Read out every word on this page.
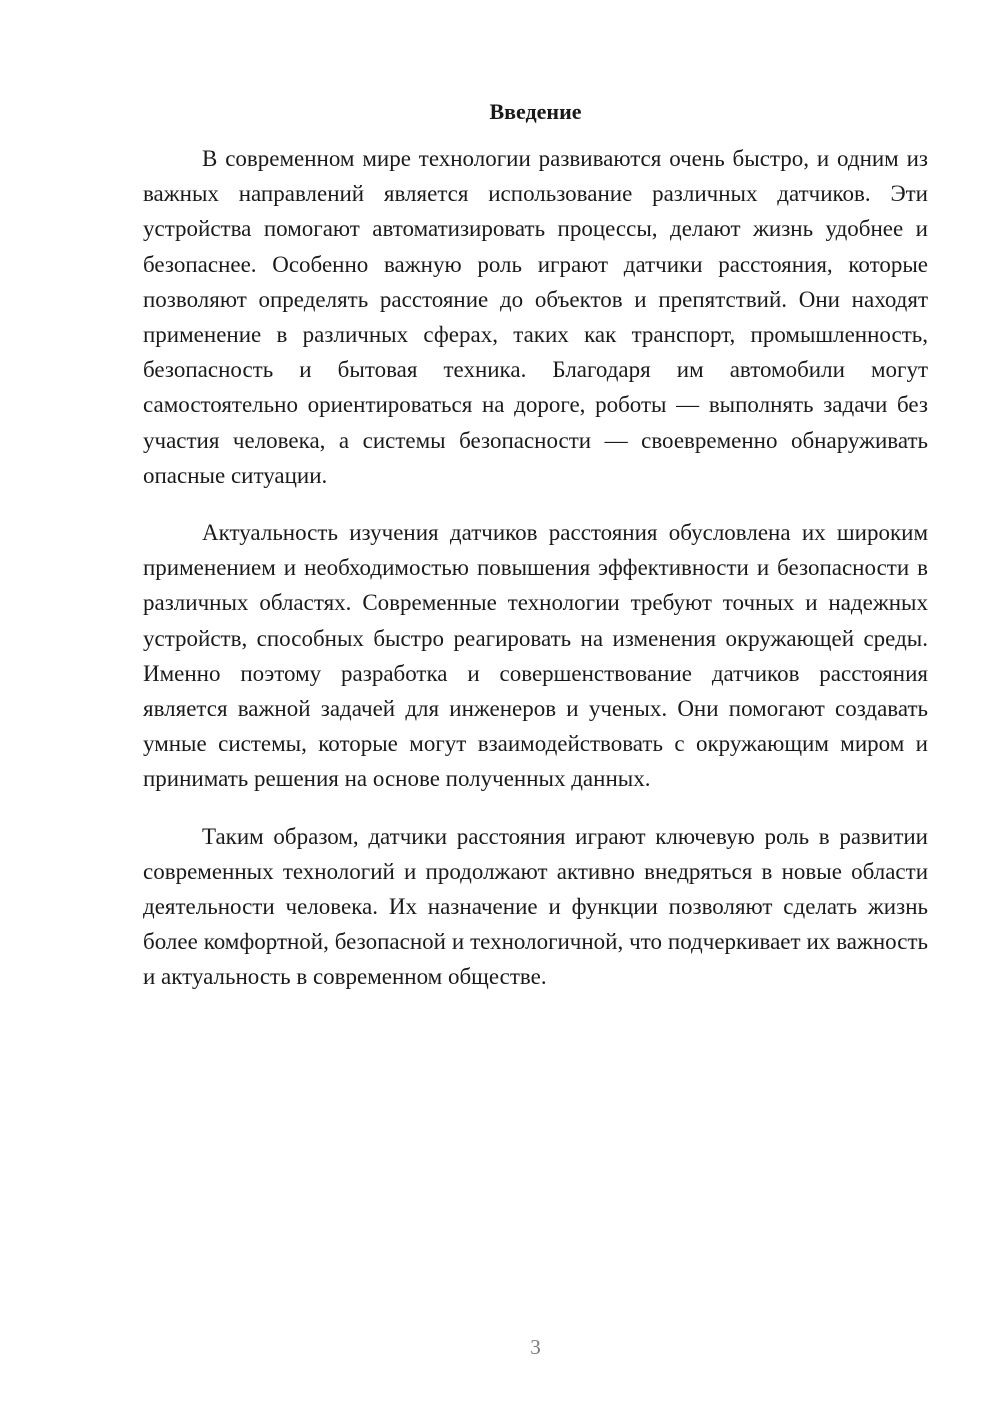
Введение

В современном мире технологии развиваются очень быстро, и одним из важных направлений является использование различных датчиков. Эти устройства помогают автоматизировать процессы, делают жизнь удобнее и безопаснее. Особенно важную роль играют датчики расстояния, которые позволяют определять расстояние до объектов и препятствий. Они находят применение в различных сферах, таких как транспорт, промышленность, безопасность и бытовая техника. Благодаря им автомобили могут самостоятельно ориентироваться на дороге, роботы — выполнять задачи без участия человека, а системы безопасности — своевременно обнаруживать опасные ситуации.

Актуальность изучения датчиков расстояния обусловлена их широким применением и необходимостью повышения эффективности и безопасности в различных областях. Современные технологии требуют точных и надежных устройств, способных быстро реагировать на изменения окружающей среды. Именно поэтому разработка и совершенствование датчиков расстояния является важной задачей для инженеров и ученых. Они помогают создавать умные системы, которые могут взаимодействовать с окружающим миром и принимать решения на основе полученных данных.

Таким образом, датчики расстояния играют ключевую роль в развитии современных технологий и продолжают активно внедряться в новые области деятельности человека. Их назначение и функции позволяют сделать жизнь более комфортной, безопасной и технологичной, что подчеркивает их важность и актуальность в современном обществе.

3
